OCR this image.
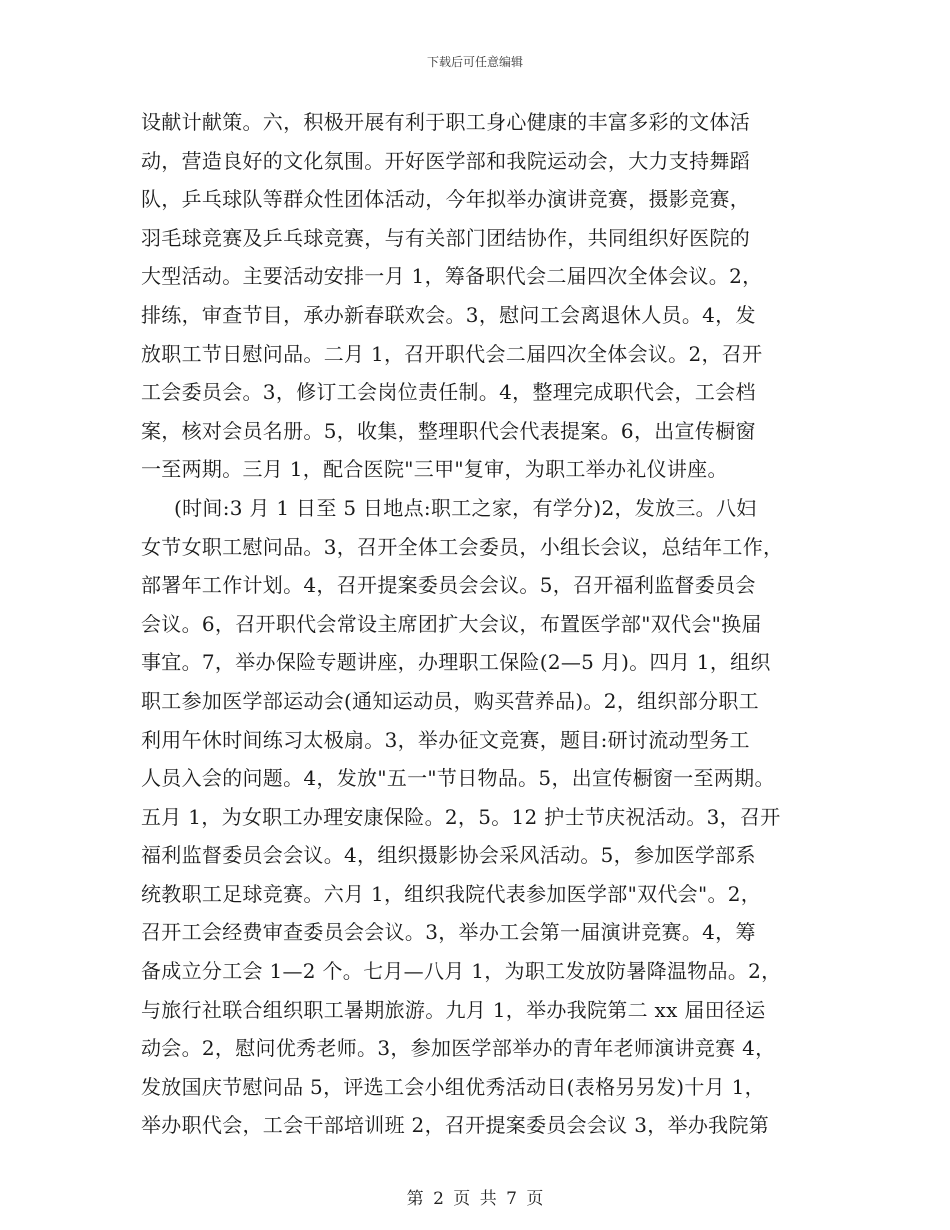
下载后可任意编辑
设献计献策。六，积极开展有利于职工身心健康的丰富多彩的文体活
动，营造良好的文化氛围。开好医学部和我院运动会，大力支持舞蹈
队，乒乓球队等群众性团体活动，今年拟举办演讲竞赛，摄影竞赛，
羽毛球竞赛及乒乓球竞赛，与有关部门团结协作，共同组织好医院的
大型活动。主要活动安排一月 1，筹备职代会二届四次全体会议。2，
排练，审查节目，承办新春联欢会。3，慰问工会离退休人员。4，发
放职工节日慰问品。二月 1，召开职代会二届四次全体会议。2，召开
工会委员会。3，修订工会岗位责任制。4，整理完成职代会，工会档
案，核对会员名册。5，收集，整理职代会代表提案。6，出宣传橱窗
一至两期。三月 1，配合医院"三甲"复审，为职工举办礼仪讲座。
(时间:3 月 1 日至 5 日地点:职工之家，有学分)2，发放三。八妇
女节女职工慰问品。3，召开全体工会委员，小组长会议，总结年工作，
部署年工作计划。4，召开提案委员会会议。5，召开福利监督委员会
会议。6，召开职代会常设主席团扩大会议，布置医学部"双代会"换届
事宜。7，举办保险专题讲座，办理职工保险(2—5 月)。四月 1，组织
职工参加医学部运动会(通知运动员，购买营养品)。2，组织部分职工
利用午休时间练习太极扇。3，举办征文竞赛，题目:研讨流动型务工
人员入会的问题。4，发放"五一"节日物品。5，出宣传橱窗一至两期。
五月 1，为女职工办理安康保险。2，5。12 护士节庆祝活动。3，召开
福利监督委员会会议。4，组织摄影协会采风活动。5，参加医学部系
统教职工足球竞赛。六月 1，组织我院代表参加医学部"双代会"。2，
召开工会经费审查委员会会议。3，举办工会第一届演讲竞赛。4，筹
备成立分工会 1—2 个。七月—八月 1，为职工发放防暑降温物品。2，
与旅行社联合组织职工暑期旅游。九月 1，举办我院第二 xx 届田径运
动会。2，慰问优秀老师。3，参加医学部举办的青年老师演讲竞赛 4，
发放国庆节慰问品 5，评选工会小组优秀活动日(表格另另发)十月 1，
举办职代会，工会干部培训班 2，召开提案委员会会议 3，举办我院第
第 2 页 共 7 页
